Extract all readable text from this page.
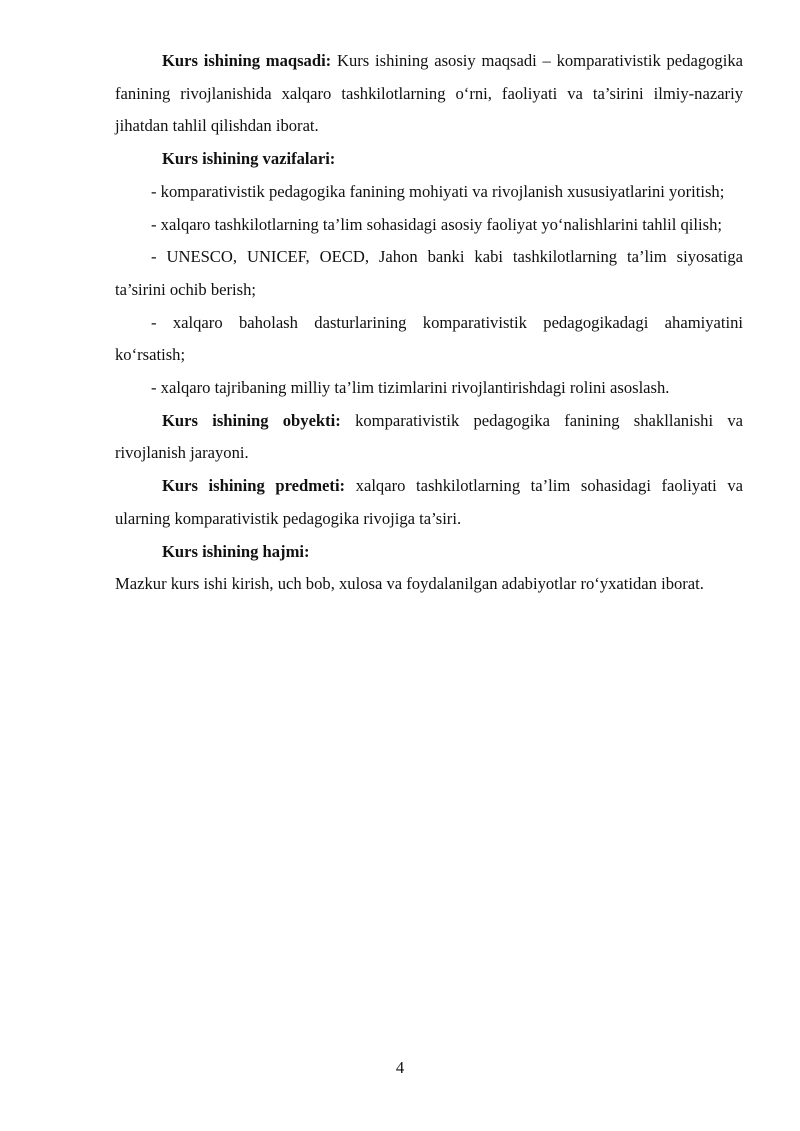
Kurs ishining maqsadi: Kurs ishining asosiy maqsadi – komparativistik pedagogika fanining rivojlanishida xalqaro tashkilotlarning o‘rni, faoliyati va ta’sirini ilmiy-nazariy jihatdan tahlil qilishdan iborat.

Kurs ishining vazifalari:

- komparativistik pedagogika fanining mohiyati va rivojlanish xususiyatlarini yoritish;

- xalqaro tashkilotlarning ta’lim sohasidagi asosiy faoliyat yo‘nalishlarini tahlil qilish;

- UNESCO, UNICEF, OECD, Jahon banki kabi tashkilotlarning ta’lim siyosatiga ta’sirini ochib berish;

- xalqaro baholash dasturlarining komparativistik pedagogikadagi ahamiyatini ko‘rsatish;

- xalqaro tajribaning milliy ta’lim tizimlarini rivojlantirishdagi rolini asoslash.

Kurs ishining obyekti: komparativistik pedagogika fanining shakllanishi va rivojlanish jarayoni.

Kurs ishining predmeti: xalqaro tashkilotlarning ta’lim sohasidagi faoliyati va ularning komparativistik pedagogika rivojiga ta’siri.

Kurs ishining hajmi:

Mazkur kurs ishi kirish, uch bob, xulosa va foydalanilgan adabiyotlar ro‘yxatidan iborat.

4
